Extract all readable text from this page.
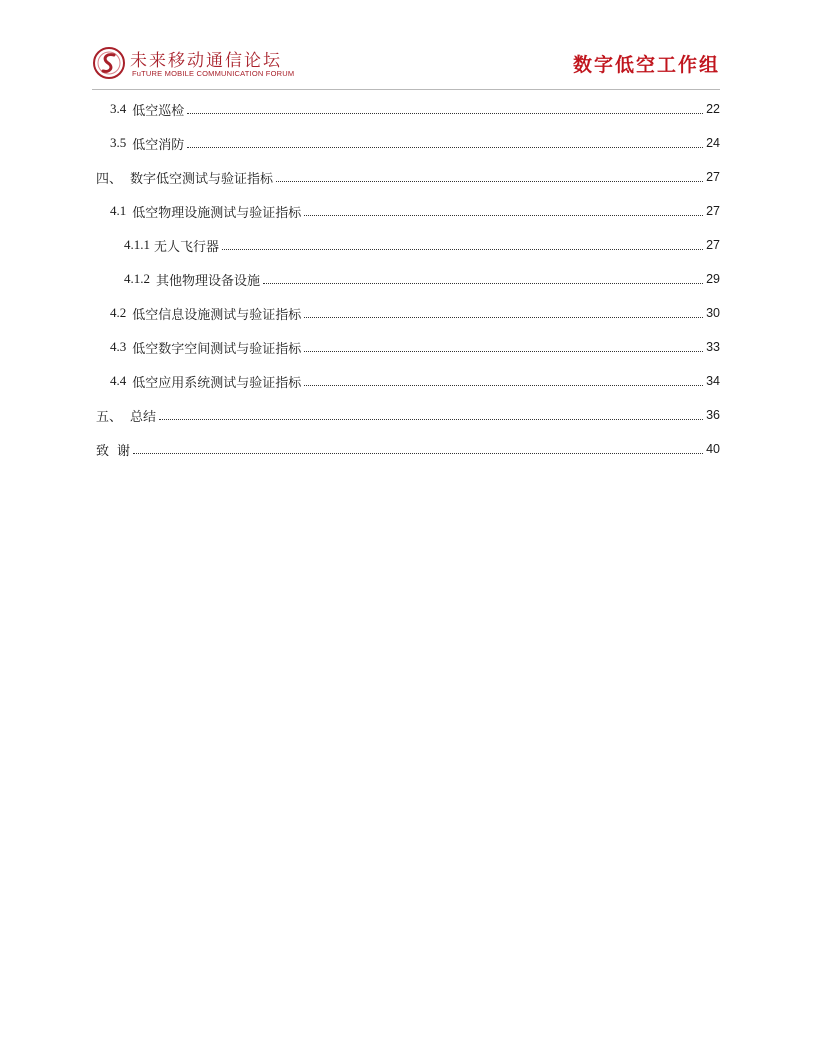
未来移动通信论坛
FuTURE MOBILE COMMUNICATION FORUM	数字低空工作组
3.4 低空巡检	22
3.5 低空消防	24
四、 数字低空测试与验证指标	27
4.1 低空物理设施测试与验证指标	27
4.1.1 无人飞行器	27
4.1.2 其他物理设备设施	29
4.2 低空信息设施测试与验证指标	30
4.3 低空数字空间测试与验证指标	33
4.4 低空应用系统测试与验证指标	34
五、 总结	36
致 谢	40
